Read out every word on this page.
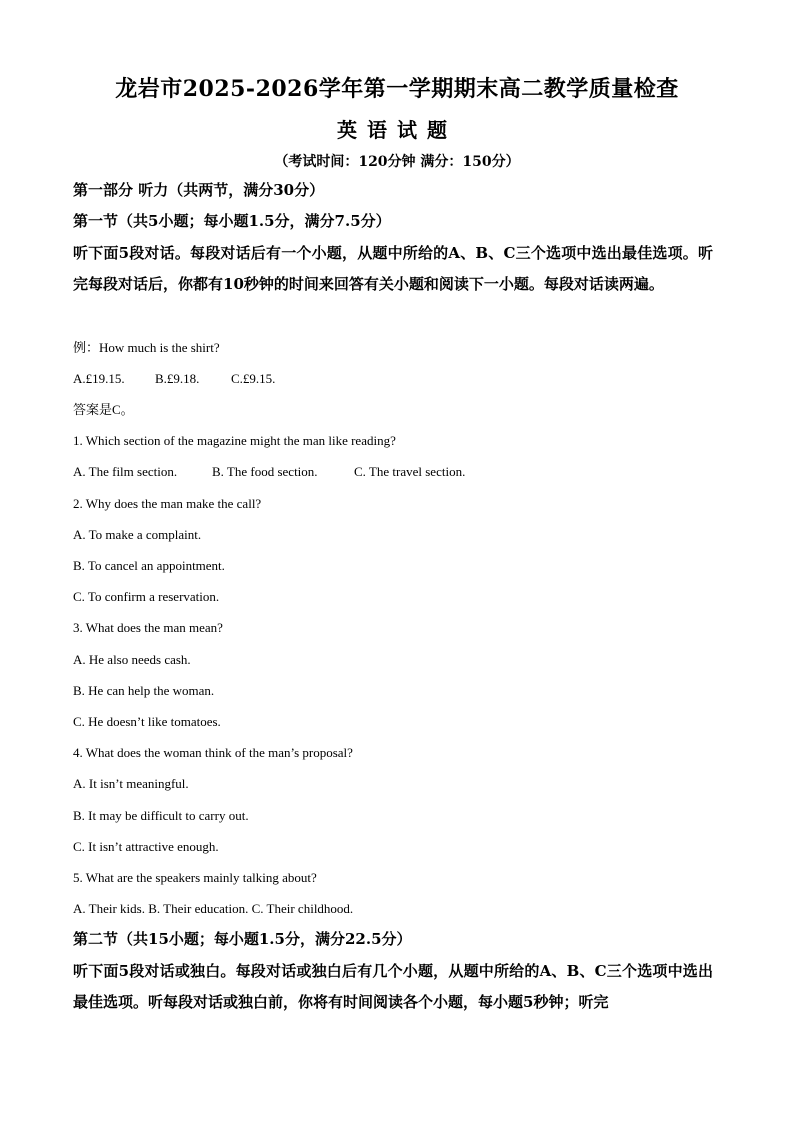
龙岩市2025-2026学年第一学期期末高二教学质量检查
英语试题
（考试时间：120分钟 满分：150分）
第一部分 听力（共两节，满分30分）
第一节（共5小题；每小题1.5分，满分7.5分）
听下面5段对话。每段对话后有一个小题，从题中所给的A、B、C三个选项中选出最佳选项。听完每段对话后，你都有10秒钟的时间来回答有关小题和阅读下一小题。每段对话读两遍。
例：How much is the shirt?
A.£19.15. B.£9.18. C.£9.15.
答案是C。
1. Which section of the magazine might the man like reading?
A. The film section.	B. The food section.	C. The travel section.
2. Why does the man make the call?
A. To make a complaint.
B. To cancel an appointment.
C. To confirm a reservation.
3. What does the man mean?
A. He also needs cash.
B. He can help the woman.
C. He doesn’t like tomatoes.
4. What does the woman think of the man’s proposal?
A. It isn’t meaningful.
B. It may be difficult to carry out.
C. It isn’t attractive enough.
5. What are the speakers mainly talking about?
A. Their kids. B. Their education. C. Their childhood.
第二节（共15小题；每小题1.5分，满分22.5分）
听下面5段对话或独白。每段对话或独白后有几个小题，从题中所给的A、B、C三个选项中选出最佳选项。听每段对话或独白前，你将有时间阅读各个小题，每小题5秒钟；听完
